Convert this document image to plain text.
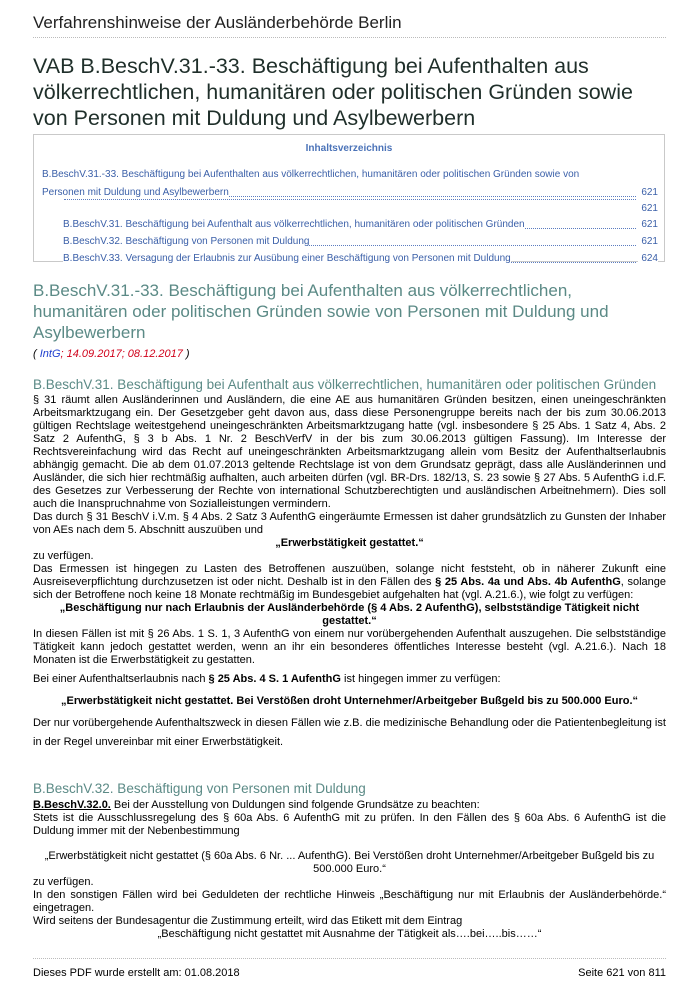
Verfahrenshinweise der Ausländerbehörde Berlin
VAB B.BeschV.31.-33. Beschäftigung bei Aufenthalten aus völkerrechtlichen, humanitären oder politischen Gründen sowie von Personen mit Duldung und Asylbewerbern
Inhaltsverzeichnis
B.BeschV.31.-33. Beschäftigung bei Aufenthalten aus völkerrechtlichen, humanitären oder politischen Gründen sowie von
Personen mit Duldung und Asylbewerbern	621
621
B.BeschV.31. Beschäftigung bei Aufenthalt aus völkerrechtlichen, humanitären oder politischen Gründen	621
B.BeschV.32. Beschäftigung von Personen mit Duldung	621
B.BeschV.33. Versagung der Erlaubnis zur Ausübung einer Beschäftigung von Personen mit Duldung	624
B.BeschV.31.-33. Beschäftigung bei Aufenthalten aus völkerrechtlichen, humanitären oder politischen Gründen sowie von Personen mit Duldung und Asylbewerbern
( IntG; 14.09.2017; 08.12.2017 )
B.BeschV.31. Beschäftigung bei Aufenthalt aus völkerrechtlichen, humanitären oder politischen Gründen

§ 31 räumt allen Ausländerinnen und Ausländern, die eine AE aus humanitären Gründen besitzen, einen uneingeschränkten Arbeitsmarktzugang ein. Der Gesetzgeber geht davon aus, dass diese Personengruppe bereits nach der bis zum 30.06.2013 gültigen Rechtslage weitestgehend uneingeschränkten Arbeitsmarktzugang hatte (vgl. insbesondere § 25 Abs. 1 Satz 4, Abs. 2 Satz 2 AufenthG, § 3 b Abs. 1 Nr. 2 BeschVerfV in der bis zum 30.06.2013 gültigen Fassung). Im Interesse der Rechtsvereinfachung wird das Recht auf uneingeschränkten Arbeitsmarktzugang allein vom Besitz der Aufenthaltserlaubnis abhängig gemacht. Die ab dem 01.07.2013 geltende Rechtslage ist von dem Grundsatz geprägt, dass alle Ausländerinnen und Ausländer, die sich hier rechtmäßig aufhalten, auch arbeiten dürfen (vgl. BR-Drs. 182/13, S. 23 sowie § 27 Abs. 5 AufenthG i.d.F. des Gesetzes zur Verbesserung der Rechte von international Schutzberechtigten und ausländischen Arbeitnehmern). Dies soll auch die Inanspruchnahme von Sozialleistungen vermindern.

Das durch § 31 BeschV i.V.m. § 4 Abs. 2 Satz 3 AufenthG eingeräumte Ermessen ist daher grundsätzlich zu Gunsten der Inhaber von AEs nach dem 5. Abschnitt auszuüben und

„Erwerbstätigkeit gestattet.“

zu verfügen.

Das Ermessen ist hingegen zu Lasten des Betroffenen auszuüben, solange nicht feststeht, ob in näherer Zukunft eine Ausreiseverpflichtung durchzusetzen ist oder nicht. Deshalb ist in den Fällen des § 25 Abs. 4a und Abs. 4b AufenthG, solange sich der Betroffene noch keine 18 Monate rechtmäßig im Bundesgebiet aufgehalten hat (vgl. A.21.6.), wie folgt zu verfügen:

„Beschäftigung nur nach Erlaubnis der Ausländerbehörde (§ 4 Abs. 2 AufenthG), selbstständige Tätigkeit nicht gestattet.“

In diesen Fällen ist mit § 26 Abs. 1 S. 1, 3 AufenthG von einem nur vorübergehenden Aufenthalt auszugehen. Die selbstständige Tätigkeit kann jedoch gestattet werden, wenn an ihr ein besonderes öffentliches Interesse besteht (vgl. A.21.6.). Nach 18 Monaten ist die Erwerbstätigkeit zu gestatten.

Bei einer Aufenthaltserlaubnis nach § 25 Abs. 4 S. 1 AufenthG ist hingegen immer zu verfügen:

„Erwerbstätigkeit nicht gestattet. Bei Verstößen droht Unternehmer/Arbeitgeber Bußgeld bis zu 500.000 Euro.“

Der nur vorübergehende Aufenthaltszweck in diesen Fällen wie z.B. die medizinische Behandlung oder die Patientenbegleitung ist in der Regel unvereinbar mit einer Erwerbstätigkeit.

B.BeschV.32. Beschäftigung von Personen mit Duldung

B.BeschV.32.0. Bei der Ausstellung von Duldungen sind folgende Grundsätze zu beachten:

Stets ist die Ausschlussregelung des § 60a Abs. 6 AufenthG mit zu prüfen. In den Fällen des § 60a Abs. 6 AufenthG ist die Duldung immer mit der Nebenbestimmung

„Erwerbstätigkeit nicht gestattet (§ 60a Abs. 6 Nr. ... AufenthG). Bei Verstößen droht Unternehmer/Arbeitgeber Bußgeld bis zu 500.000 Euro.“

zu verfügen.

In den sonstigen Fällen wird bei Geduldeten der rechtliche Hinweis „Beschäftigung nur mit Erlaubnis der Ausländerbehörde.“ eingetragen.

Wird seitens der Bundesagentur die Zustimmung erteilt, wird das Etikett mit dem Eintrag

„Beschäftigung nicht gestattet mit Ausnahme der Tätigkeit als….bei…..bis……“

Dieses PDF wurde erstellt am: 01.08.2018	Seite 621 von 811
